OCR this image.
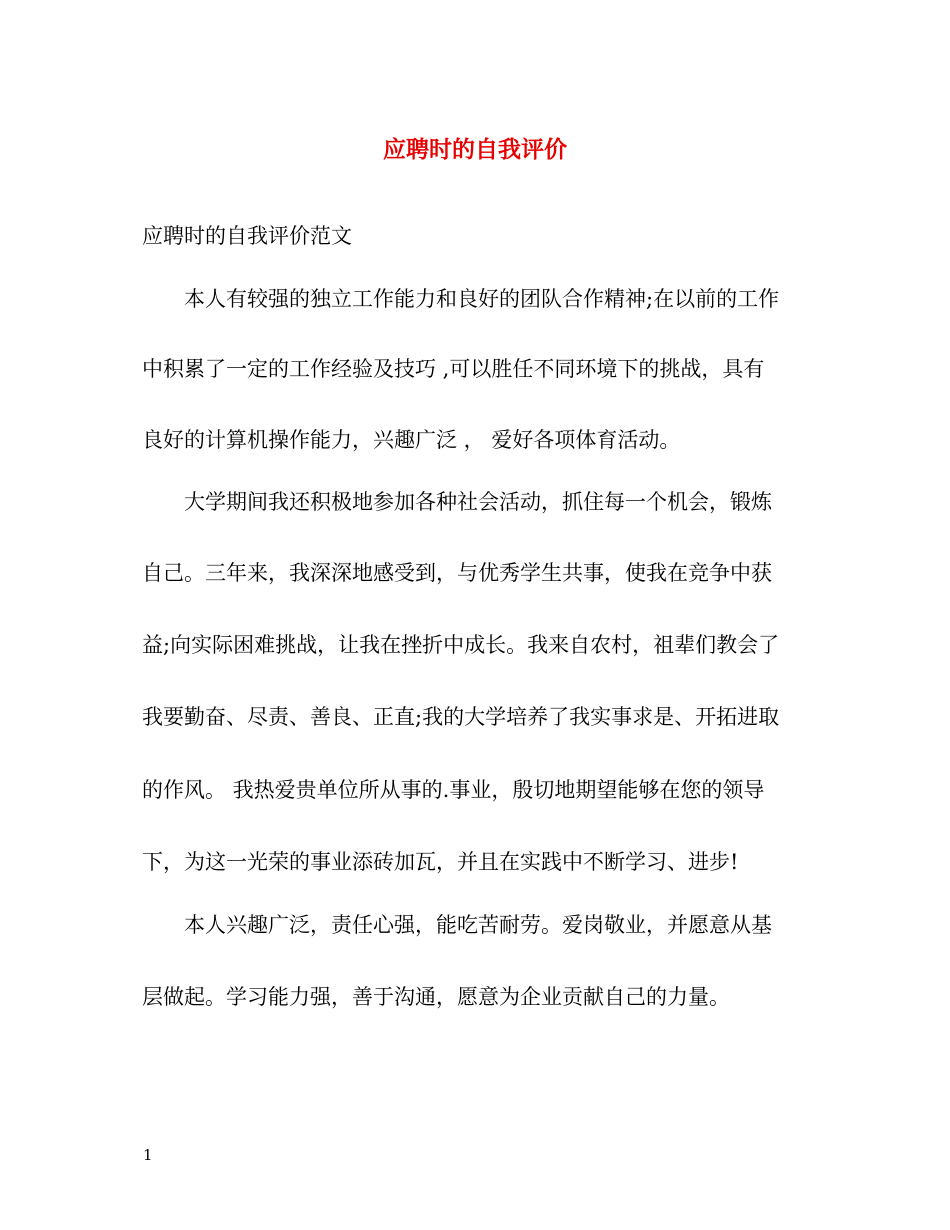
应聘时的自我评价
应聘时的自我评价范文
本人有较强的独立工作能力和良好的团队合作精神;在以前的工作
中积累了一定的工作经验及技巧 ,可以胜任不同环境下的挑战，具有
良好的计算机操作能力，兴趣广泛 ， 爱好各项体育活动。
大学期间我还积极地参加各种社会活动，抓住每一个机会，锻炼
自己。三年来，我深深地感受到，与优秀学生共事，使我在竞争中获
益;向实际困难挑战，让我在挫折中成长。我来自农村，祖辈们教会了
我要勤奋、尽责、善良、正直;我的大学培养了我实事求是、开拓进取
的作风。 我热爱贵单位所从事的.事业，殷切地期望能够在您的领导
下，为这一光荣的事业添砖加瓦，并且在实践中不断学习、进步!
本人兴趣广泛，责任心强，能吃苦耐劳。爱岗敬业，并愿意从基
层做起。学习能力强，善于沟通，愿意为企业贡献自己的力量。
1
